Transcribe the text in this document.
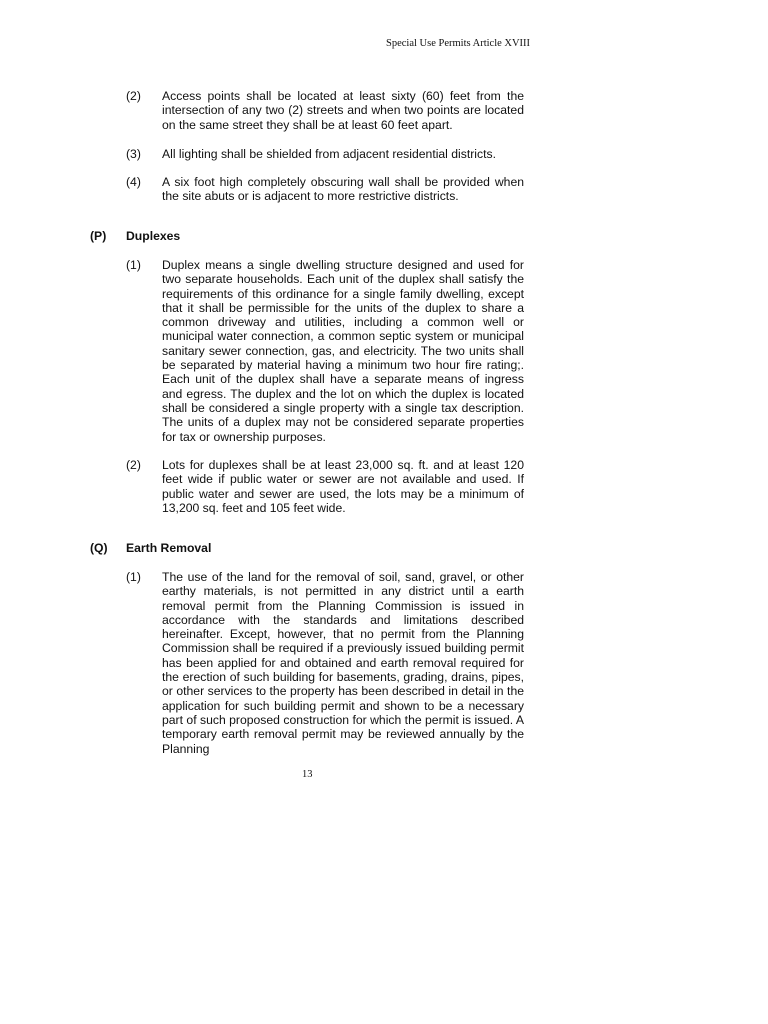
Special Use Permits Article XVIII
(2) Access points shall be located at least sixty (60) feet from the intersection of any two (2) streets and when two points are located on the same street they shall be at least 60 feet apart.
(3) All lighting shall be shielded from adjacent residential districts.
(4) A six foot high completely obscuring wall shall be provided when the site abuts or is adjacent to more restrictive districts.
(P) Duplexes
(1) Duplex means a single dwelling structure designed and used for two separate households. Each unit of the duplex shall satisfy the requirements of this ordinance for a single family dwelling, except that it shall be permissible for the units of the duplex to share a common driveway and utilities, including a common well or municipal water connection, a common septic system or municipal sanitary sewer connection, gas, and electricity. The two units shall be separated by material having a minimum two hour fire rating;. Each unit of the duplex shall have a separate means of ingress and egress. The duplex and the lot on which the duplex is located shall be considered a single property with a single tax description. The units of a duplex may not be considered separate properties for tax or ownership purposes.
(2) Lots for duplexes shall be at least 23,000 sq. ft. and at least 120 feet wide if public water or sewer are not available and used. If public water and sewer are used, the lots may be a minimum of 13,200 sq. feet and 105 feet wide.
(Q) Earth Removal
(1) The use of the land for the removal of soil, sand, gravel, or other earthy materials, is not permitted in any district until a earth removal permit from the Planning Commission is issued in accordance with the standards and limitations described hereinafter. Except, however, that no permit from the Planning Commission shall be required if a previously issued building permit has been applied for and obtained and earth removal required for the erection of such building for basements, grading, drains, pipes, or other services to the property has been described in detail in the application for such building permit and shown to be a necessary part of such proposed construction for which the permit is issued. A temporary earth removal permit may be reviewed annually by the Planning
13
